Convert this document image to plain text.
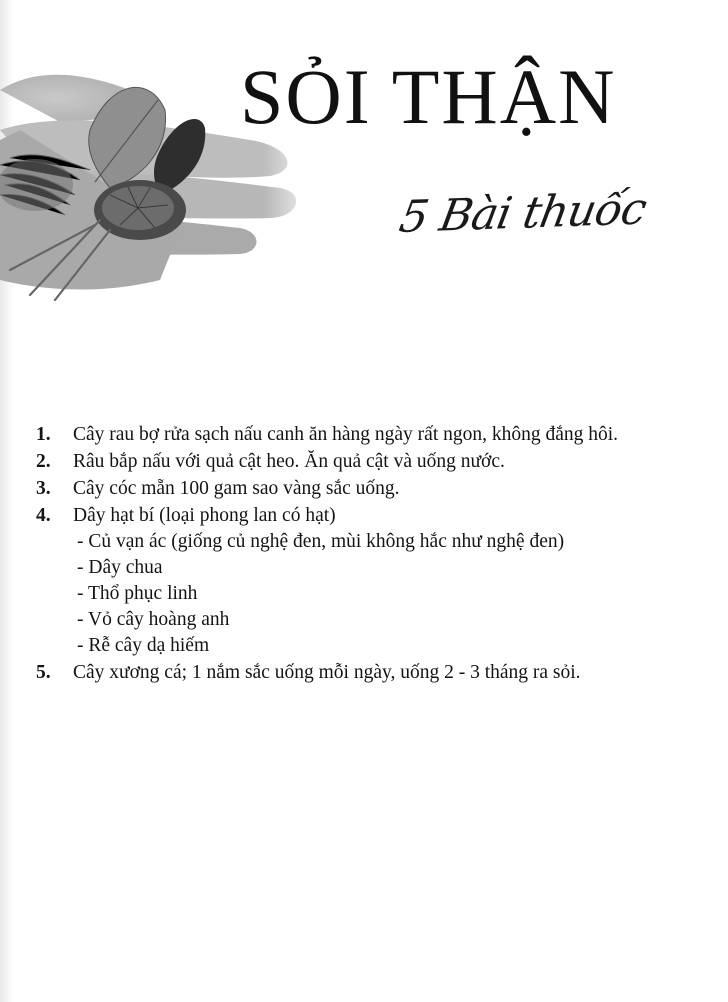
SỎI THẬN
5 Bài thuốc
1.	Cây rau bợ rửa sạch nấu canh ăn hàng ngày rất ngon, không đắng hôi.
2.	Râu bắp nấu với quả cật heo. Ăn quả cật và uống nước.
3.	Cây cóc mẵn 100 gam sao vàng sắc uống.
4.	Dây hạt bí (loại phong lan có hạt)
- Củ vạn ác (giống củ nghệ đen, mùi không hắc như nghệ đen)
- Dây chua
- Thổ phục linh
- Vỏ cây hoàng anh
- Rễ cây dạ hiếm
5.	Cây xương cá; 1 nắm sắc uống mỗi ngày, uống 2 - 3 tháng ra sỏi.
